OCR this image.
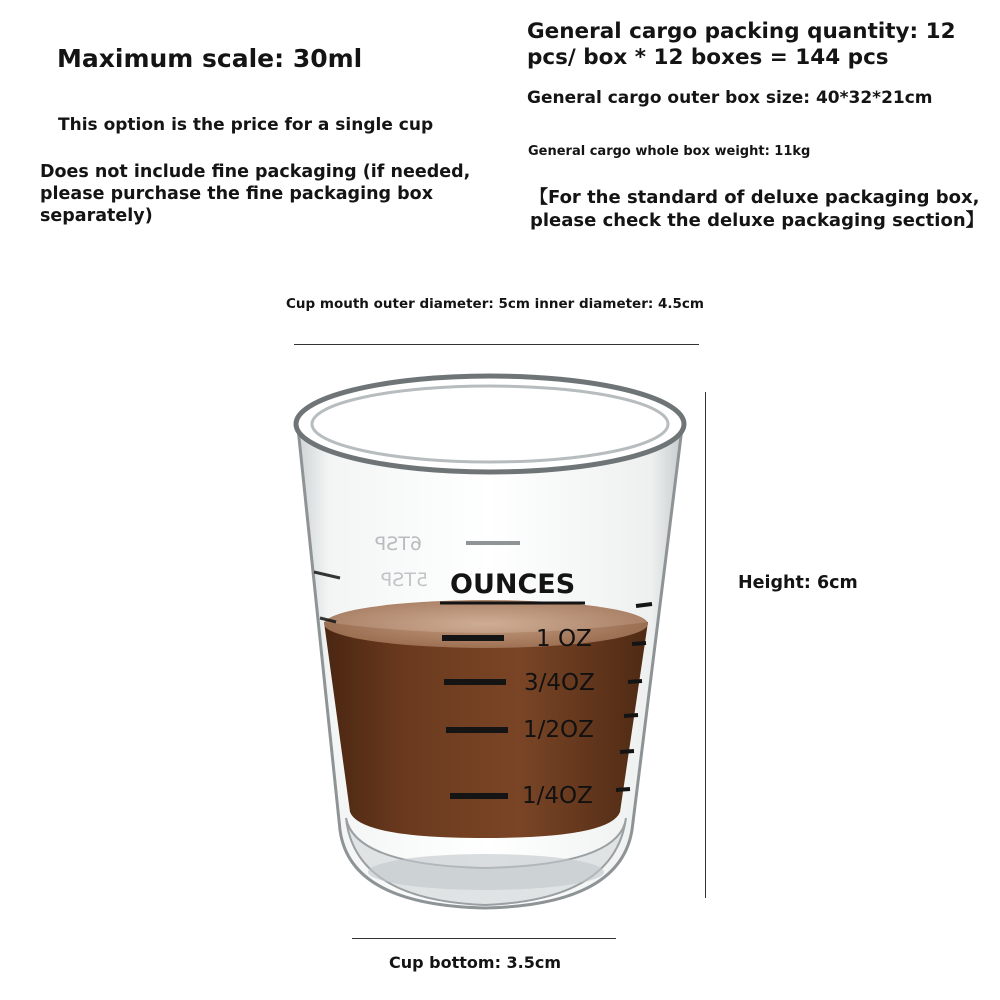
Maximum scale: 30ml
This option is the price for a single cup
Does not include fine packaging (if needed, please purchase the fine packaging box separately)
General cargo packing quantity: 12 pcs/ box * 12 boxes = 144 pcs
General cargo outer box size: 40*32*21cm
General cargo whole box weight: 11kg
【For the standard of deluxe packaging box, please check the deluxe packaging section】
Cup mouth outer diameter: 5cm inner diameter: 4.5cm
Height: 6cm
Cup bottom: 3.5cm
6TSP
5TSP OUNCES
1 OZ
3/4OZ
1/2OZ
1/4OZ
